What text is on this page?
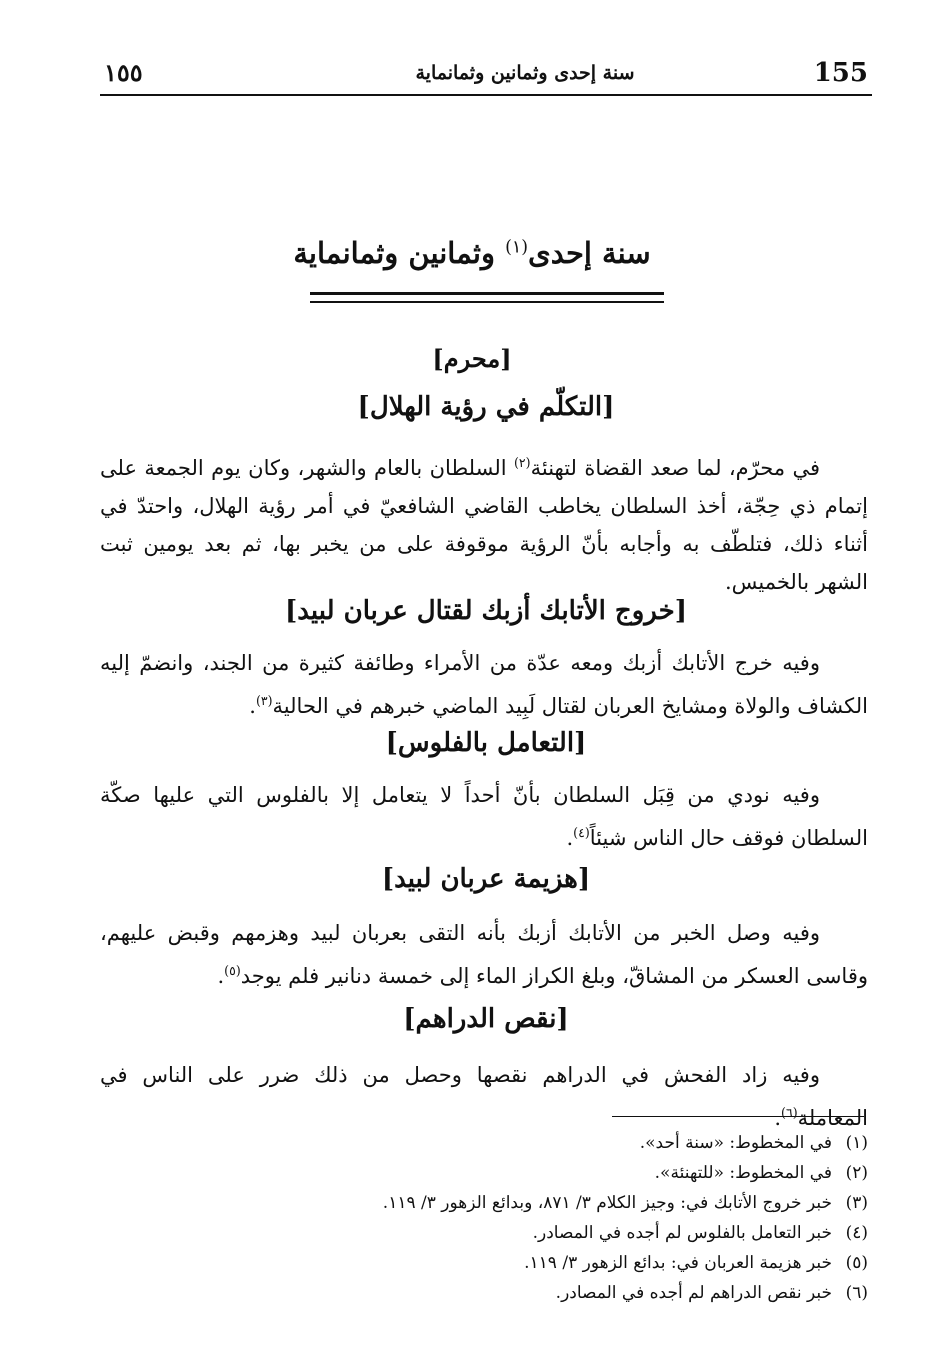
155
سنة إحدى وثمانين وثمانماية
١٥٥
سنة إحدى$^{(١)}$ وثمانين وثمانماية
[محرم]
[التكلّم في رؤية الهلال]
في محرّم، لما صعد القضاة لتهنئة$^{(٢)}$ السلطان بالعام والشهر، وكان يوم الجمعة على إتمام ذي حِجّة، أخذ السلطان يخاطب القاضي الشافعيّ في أمر رؤية الهلال، واحتدّ في أثناء ذلك، فتلطّف به وأجابه بأنّ الرؤية موقوفة على من يخبر بها، ثم بعد يومين ثبت الشهر بالخميس.
[خروج الأتابك أزبك لقتال عربان لبيد]
وفيه خرج الأتابك أزبك ومعه عدّة من الأمراء وطائفة كثيرة من الجند، وانضمّ إليه الكشاف والولاة ومشايخ العربان لقتال لَبِيد الماضي خبرهم في الحالية$^{(٣)}$.
[التعامل بالفلوس]
وفيه نودي من قِبَل السلطان بأنّ أحداً لا يتعامل إلا بالفلوس التي عليها صكّة السلطان فوقف حال الناس شيئاً$^{(٤)}$.
[هزيمة عربان لبيد]
وفيه وصل الخبر من الأتابك أزبك بأنه التقى بعربان لبيد وهزمهم وقبض عليهم، وقاسى العسكر من المشاقّ، وبلغ الكراز الماء إلى خمسة دنانير فلم يوجد$^{(٥)}$.
[نقص الدراهم]
وفيه زاد الفحش في الدراهم نقصها وحصل من ذلك ضرر على الناس في المعاملة$^{(٦)}$.
(١)
في المخطوط: «سنة أحد».
(٢)
في المخطوط: «للتهنئة».
(٣)
خبر خروج الأتابك في: وجيز الكلام ٣/ ٨٧١، وبدائع الزهور ٣/ ١١٩.
(٤)
خبر التعامل بالفلوس لم أجده في المصادر.
(٥)
خبر هزيمة العربان في: بدائع الزهور ٣/ ١١٩.
(٦)
خبر نقص الدراهم لم أجده في المصادر.
